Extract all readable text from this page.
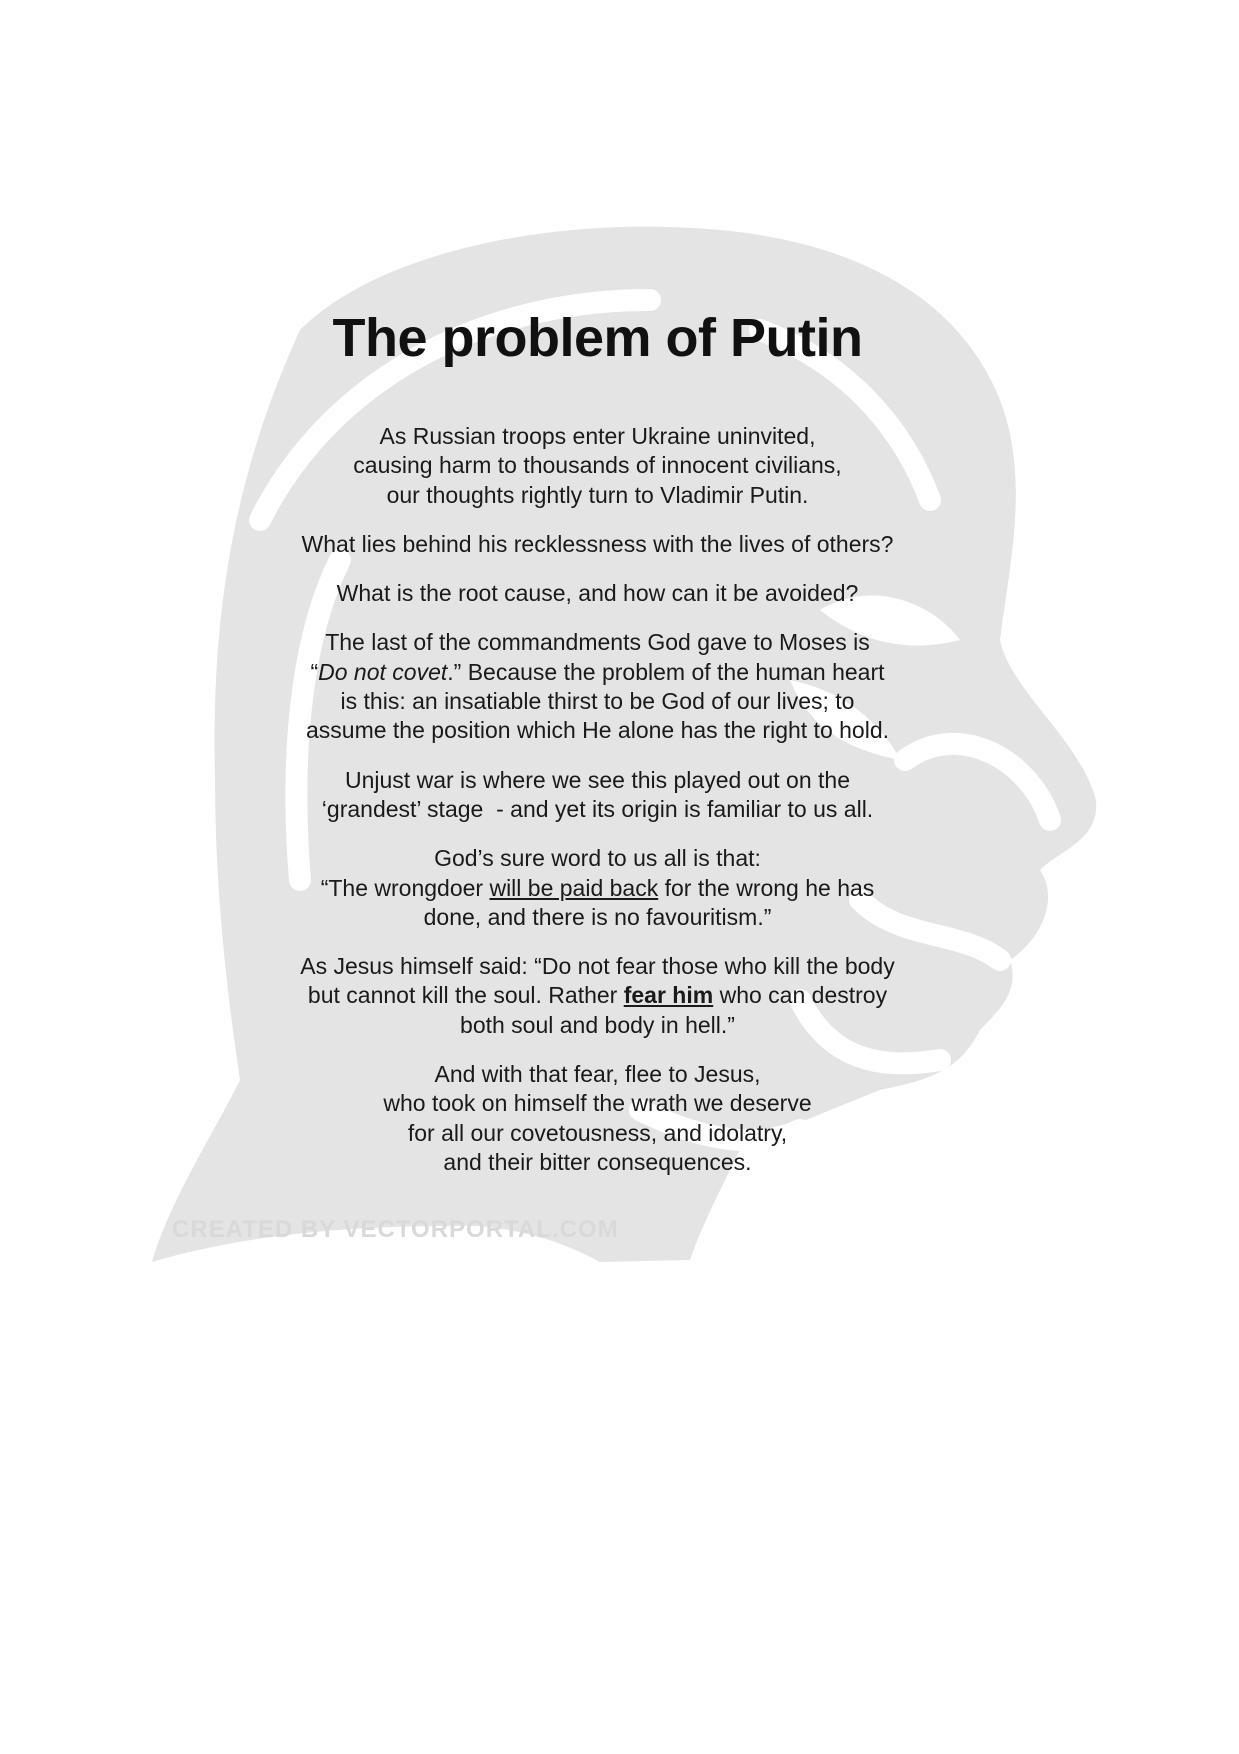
CREATED BY VECTORPORTAL.COM
The problem of Putin

As Russian troops enter Ukraine uninvited,
causing harm to thousands of innocent civilians,
our thoughts rightly turn to Vladimir Putin.

What lies behind his recklessness with the lives of others?

What is the root cause, and how can it be avoided?

The last of the commandments God gave to Moses is
“Do not covet.” Because the problem of the human heart
is this: an insatiable thirst to be God of our lives; to
assume the position which He alone has the right to hold.

Unjust war is where we see this played out on the
‘grandest’ stage  - and yet its origin is familiar to us all.

God’s sure word to us all is that:
“The wrongdoer will be paid back for the wrong he has
done, and there is no favouritism.”

As Jesus himself said: “Do not fear those who kill the body
but cannot kill the soul. Rather fear him who can destroy
both soul and body in hell.”

And with that fear, flee to Jesus,
who took on himself the wrath we deserve
for all our covetousness, and idolatry,
and their bitter consequences.
